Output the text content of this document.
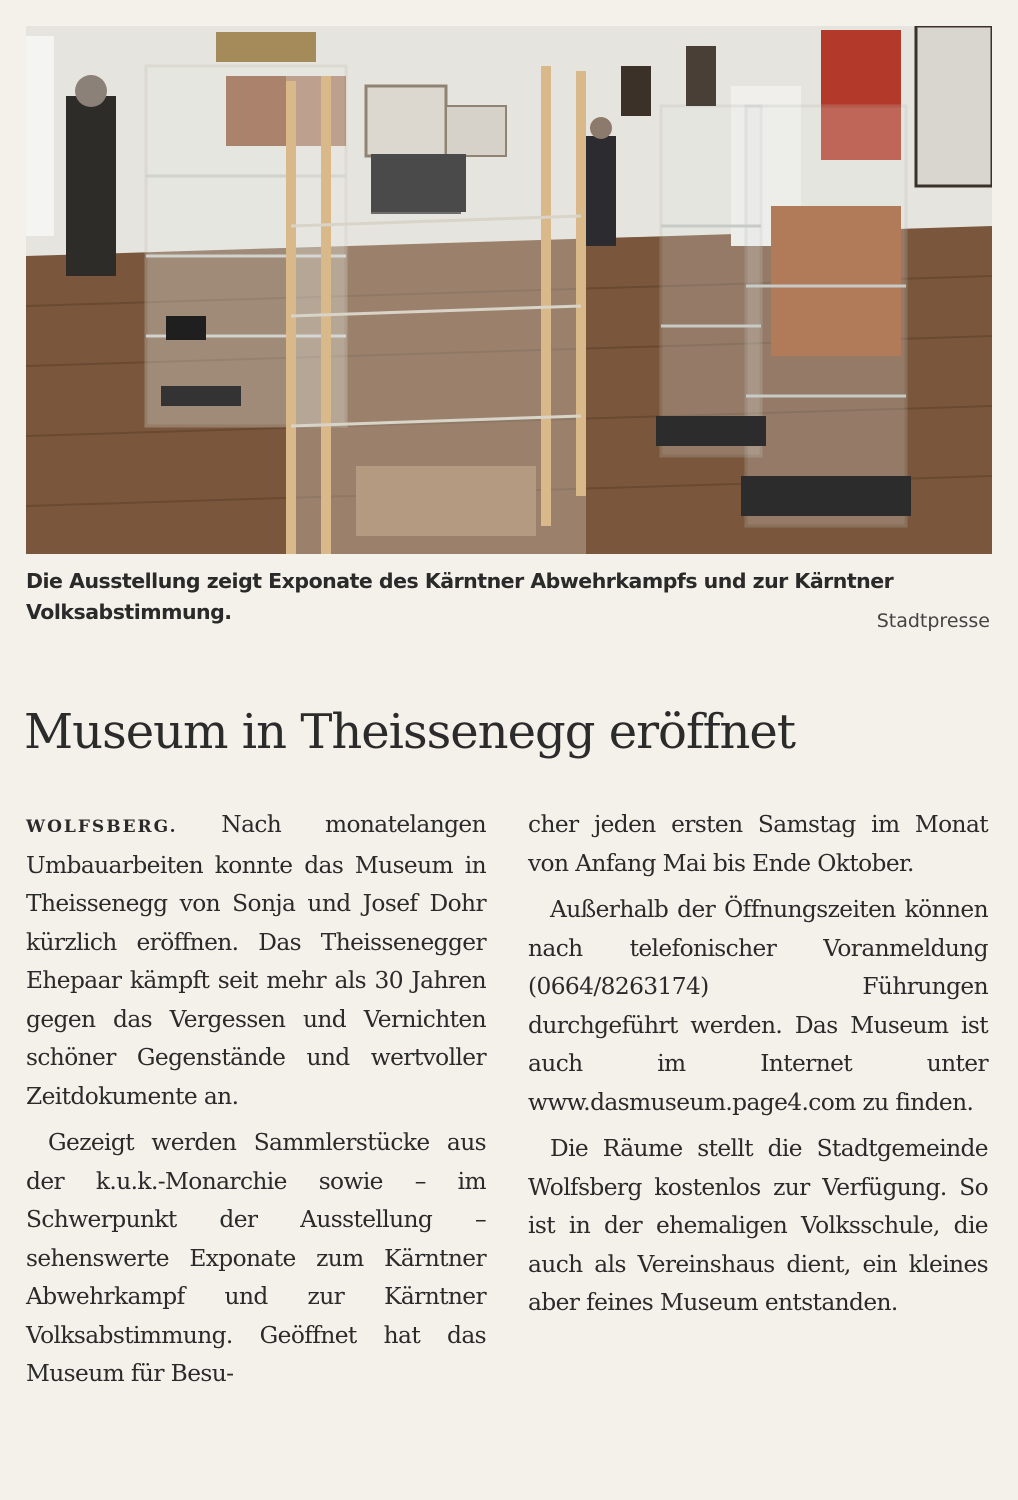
Die Ausstellung zeigt Exponate des Kärntner Abwehrkampfs und zur Kärntner Volksabstimmung.	Stadtpresse
Museum in Theissenegg eröffnet

WOLFSBERG. Nach monatelangen Umbauarbeiten konnte das Museum in Theissenegg von Sonja und Josef Dohr kürzlich eröffnen. Das Theissenegger Ehepaar kämpft seit mehr als 30 Jahren gegen das Vergessen und Vernichten schöner Gegenstände und wertvoller Zeitdokumente an.

Gezeigt werden Sammlerstücke aus der k.u.k.-Monarchie sowie – im Schwerpunkt der Ausstellung – sehenswerte Exponate zum Kärntner Abwehrkampf und zur Kärntner Volksabstimmung. Geöffnet hat das Museum für Besu-

cher jeden ersten Samstag im Monat von Anfang Mai bis Ende Oktober.

Außerhalb der Öffnungszeiten können nach telefonischer Voranmeldung (0664/8263174) Führungen durchgeführt werden. Das Museum ist auch im Internet unter www.dasmuseum.page4.com zu finden.

Die Räume stellt die Stadtgemeinde Wolfsberg kostenlos zur Verfügung. So ist in der ehemaligen Volksschule, die auch als Vereinshaus dient, ein kleines aber feines Museum entstanden.
